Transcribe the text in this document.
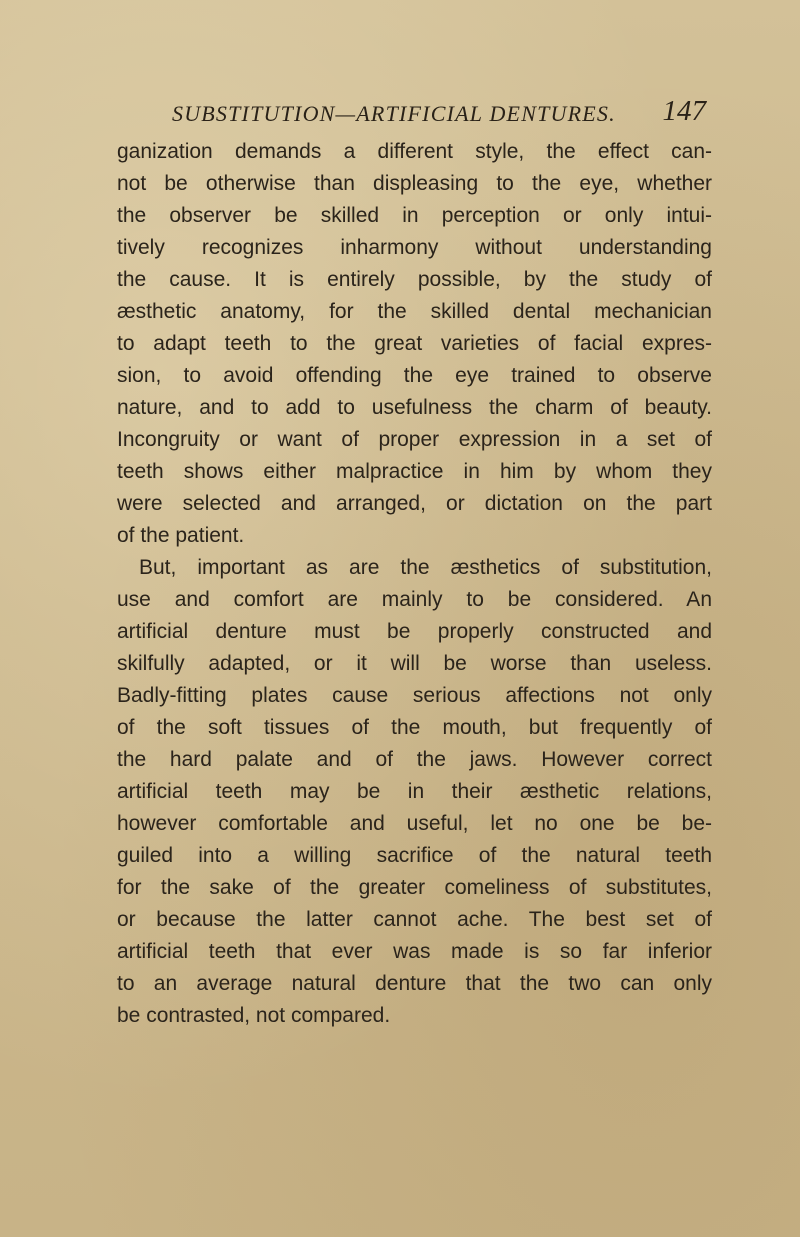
SUBSTITUTION—ARTIFICIAL DENTURES. 147
ganization demands a different style, the effect can-
not be otherwise than displeasing to the eye, whether
the observer be skilled in perception or only intui-
tively recognizes inharmony without understanding
the cause. It is entirely possible, by the study of
æsthetic anatomy, for the skilled dental mechanician
to adapt teeth to the great varieties of facial expres-
sion, to avoid offending the eye trained to observe
nature, and to add to usefulness the charm of beauty.
Incongruity or want of proper expression in a set of
teeth shows either malpractice in him by whom they
were selected and arranged, or dictation on the part
of the patient.
But, important as are the æsthetics of substitution,
use and comfort are mainly to be considered. An
artificial denture must be properly constructed and
skilfully adapted, or it will be worse than useless.
Badly-fitting plates cause serious affections not only
of the soft tissues of the mouth, but frequently of
the hard palate and of the jaws. However correct
artificial teeth may be in their æsthetic relations,
however comfortable and useful, let no one be be-
guiled into a willing sacrifice of the natural teeth
for the sake of the greater comeliness of substitutes,
or because the latter cannot ache. The best set of
artificial teeth that ever was made is so far inferior
to an average natural denture that the two can only
be contrasted, not compared.
